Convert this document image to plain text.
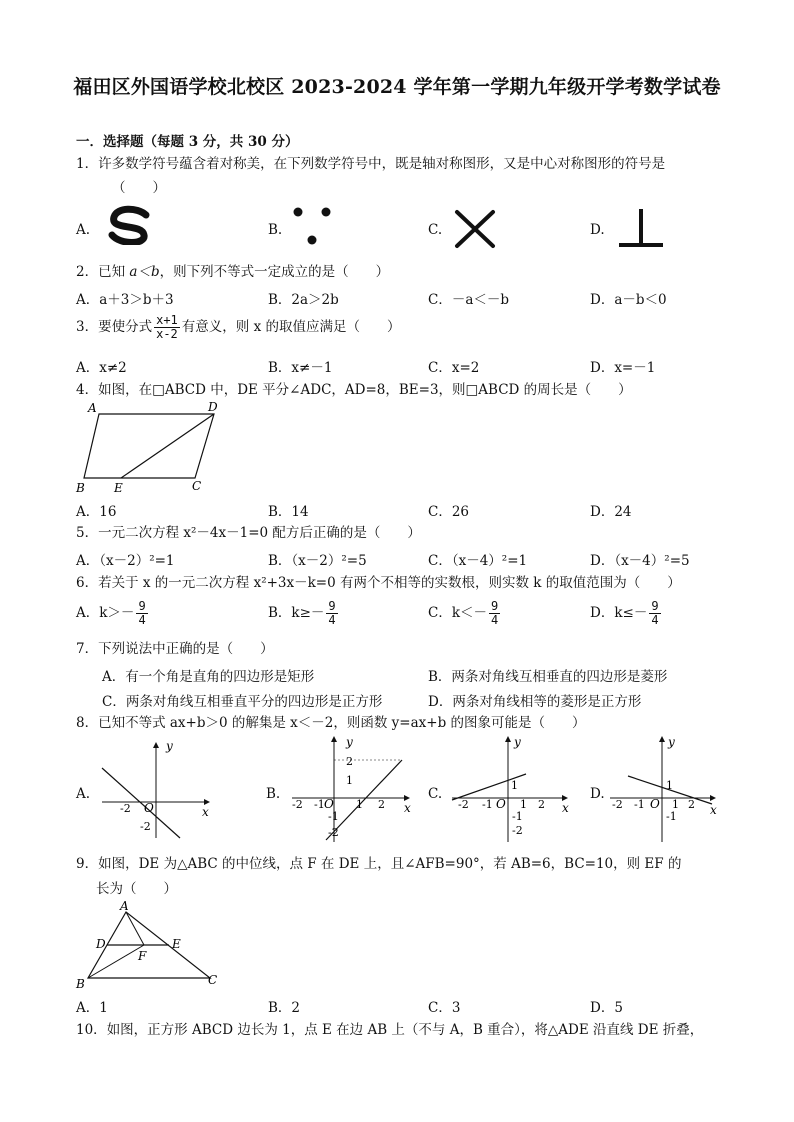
福田区外国语学校北校区 2023-2024 学年第一学期九年级开学考数学试卷
一．选择题（每题 3 分，共 30 分）
1．许多数学符号蕴含着对称美，在下列数学符号中，既是轴对称图形，又是中心对称图形的符号是
（　　）
A.	B.	C.	D.
2．已知 a＜b，则下列不等式一定成立的是（　　）
A．a＋3＞b＋3	B．2a＞2b	C．－a＜－b	D．a－b＜0
3．要使分式 $\frac{x+1}{x-2}$ 有意义，则 x 的取值应满足（　　）
A．x≠2	B．x≠－1	C．x=2	D．x=－1
4．如图，在□ABCD 中，DE 平分∠ADC，AD=8，BE=3，则□ABCD 的周长是（　　）
A	D
B E	C
A．16	B．14	C．26	D．24
5．一元二次方程 x²－4x－1=0 配方后正确的是（　　）
A．（x－2）²=1	B．（x－2）²=5	C．（x－4）²=1	D．（x－4）²=5
6．若关于 x 的一元二次方程 x²+3x－k=0 有两个不相等的实数根，则实数 k 的取值范围为（　　）
A．$k>- \frac{9}{4}$	B．$k\ge- \frac{9}{4}$	C．$k<- \frac{9}{4}$	D．$k\le- \frac{9}{4}$
7．下列说法中正确的是（　　）
A．有一个角是直角的四边形是矩形	B．两条对角线互相垂直的四边形是菱形
C．两条对角线互相垂直平分的四边形是正方形	D．两条对角线相等的菱形是正方形
8．已知不等式 ax+b＞0 的解集是 x＜－2，则函数 y=ax+b 的图象可能是（　　）
A.
y
x
O
-2
-2
B.
y
x
O
-2 -1	1 2
2
1
-1
-2
C.
y
x
O
-2 -1 1 2
1
-1
-2
D.
y
x
O
-2 -1 1 2
1
-1
9．如图，DE 为△ABC 的中位线，点 F 在 DE 上，且∠AFB=90°，若 AB=6，BC=10，则 EF 的
长为（　　）
A
D	E
F
B	C
A．1	B．2	C．3	D．5
10．如图，正方形 ABCD 边长为 1，点 E 在边 AB 上（不与 A，B 重合），将△ADE 沿直线 DE 折叠，
